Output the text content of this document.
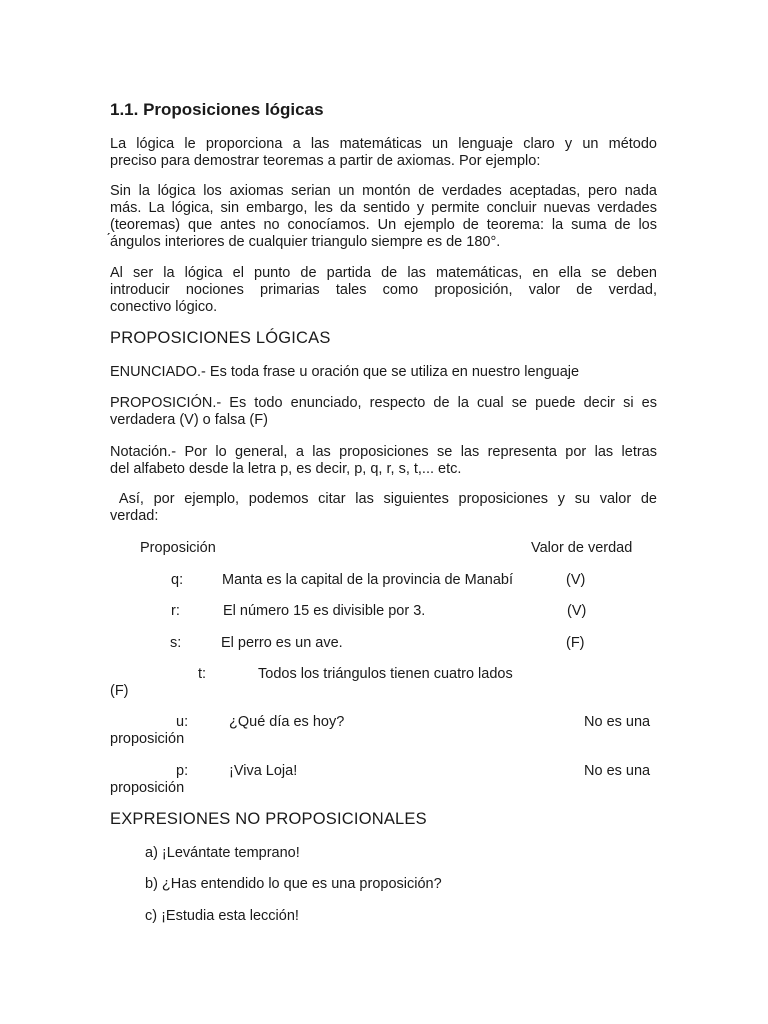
1.1. Proposiciones lógicas
La lógica le proporciona a las matemáticas un lenguaje claro y un método
preciso para demostrar teoremas a partir de axiomas. Por ejemplo:
Sin la lógica los axiomas serian un montón de verdades aceptadas, pero nada
más. La lógica, sin embargo, les da sentido y permite concluir nuevas verdades
(teoremas) que antes no conocíamos. Un ejemplo de teorema: la suma de los
́ángulos interiores de cualquier triangulo siempre es de 180°.
Al ser la lógica el punto de partida de las matemáticas, en ella se deben
introducir nociones primarias tales como proposición, valor de verdad,
conectivo lógico.
PROPOSICIONES LÓGICAS
ENUNCIADO.- Es toda frase u oración que se utiliza en nuestro lenguaje
PROPOSICIÓN.- Es todo enunciado, respecto de la cual se puede decir si es
verdadera (V) o falsa (F)
Notación.- Por lo general, a las proposiciones se las representa por las letras
del alfabeto desde la letra p, es decir, p, q, r, s, t,... etc.
Así, por ejemplo, podemos citar las siguientes proposiciones y su valor de
verdad:
Proposición	Valor de verdad
q:	Manta es la capital de la provincia de Manabí	(V)
r:	El número 15 es divisible por 3.	(V)
s:	El perro es un ave.	(F)
t:	Todos los triángulos tienen cuatro lados
(F)
u:	¿Qué día es hoy?	No es una
proposición
p:	¡Viva Loja!	No es una
proposición
EXPRESIONES NO PROPOSICIONALES
a) ¡Levántate temprano!
b) ¿Has entendido lo que es una proposición?
c) ¡Estudia esta lección!
